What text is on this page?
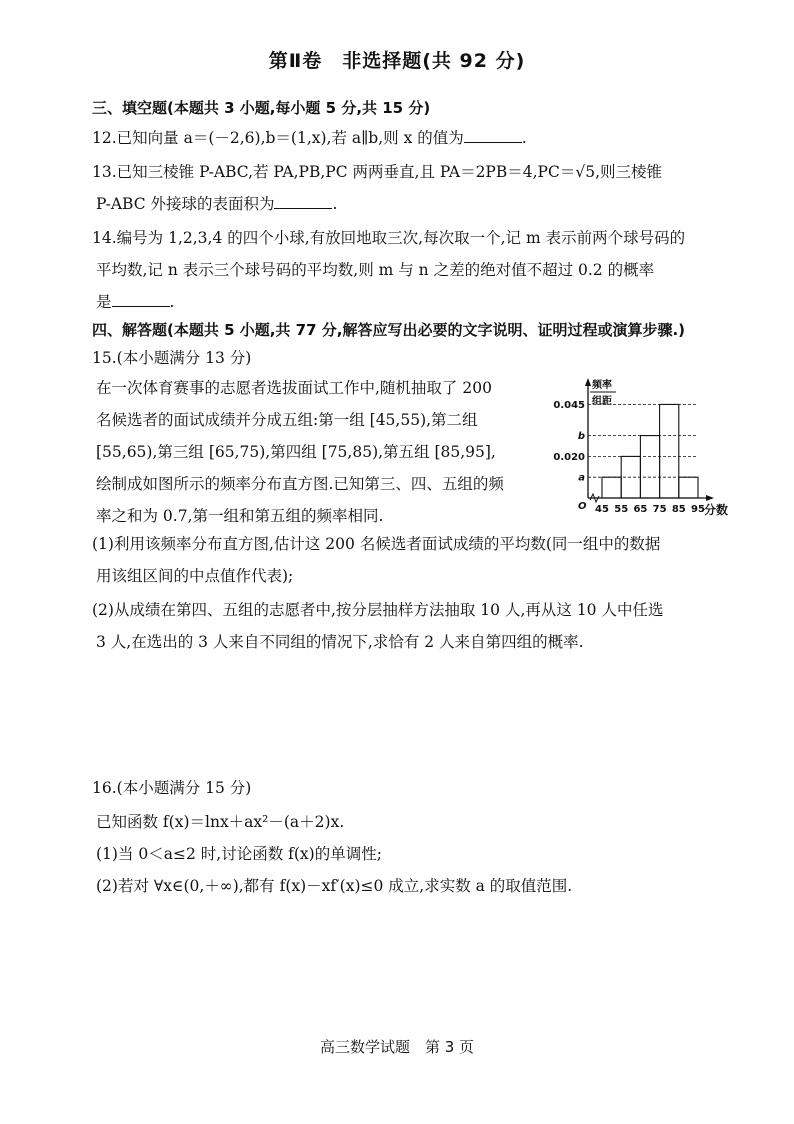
第Ⅱ卷　非选择题(共 92 分)
三、填空题(本题共 3 小题,每小题 5 分,共 15 分)
12.已知向量 a＝(－2,6),b＝(1,x),若 a∥b,则 x 的值为	.
13.已知三棱锥 P-ABC,若 PA,PB,PC 两两垂直,且 PA＝2PB＝4,PC＝√5,则三棱锥
P-ABC 外接球的表面积为	.
14.编号为 1,2,3,4 的四个小球,有放回地取三次,每次取一个,记 m 表示前两个球号码的
平均数,记 n 表示三个球号码的平均数,则 m 与 n 之差的绝对值不超过 0.2 的概率
是	.
四、解答题(本题共 5 小题,共 77 分,解答应写出必要的文字说明、证明过程或演算步骤.)
15.(本小题满分 13 分)
在一次体育赛事的志愿者选拔面试工作中,随机抽取了 200
名候选者的面试成绩并分成五组:第一组 [45,55),第二组
[55,65),第三组 [65,75),第四组 [75,85),第五组 [85,95],
绘制成如图所示的频率分布直方图.已知第三、四、五组的频
率之和为 0.7,第一组和第五组的频率相同.
频率
组距
0.045
b
0.020
a
45 55 65 75 85 95
O	分数
(1)利用该频率分布直方图,估计这 200 名候选者面试成绩的平均数(同一组中的数据
用该组区间的中点值作代表);
(2)从成绩在第四、五组的志愿者中,按分层抽样方法抽取 10 人,再从这 10 人中任选
3 人,在选出的 3 人来自不同组的情况下,求恰有 2 人来自第四组的概率.
16.(本小题满分 15 分)
已知函数 f(x)＝lnx＋ax²－(a＋2)x.
(1)当 0＜a≤2 时,讨论函数 f(x)的单调性;
(2)若对 ∀x∈(0,＋∞),都有 f(x)－xf′(x)≤0 成立,求实数 a 的取值范围.
高三数学试题　第 3 页
